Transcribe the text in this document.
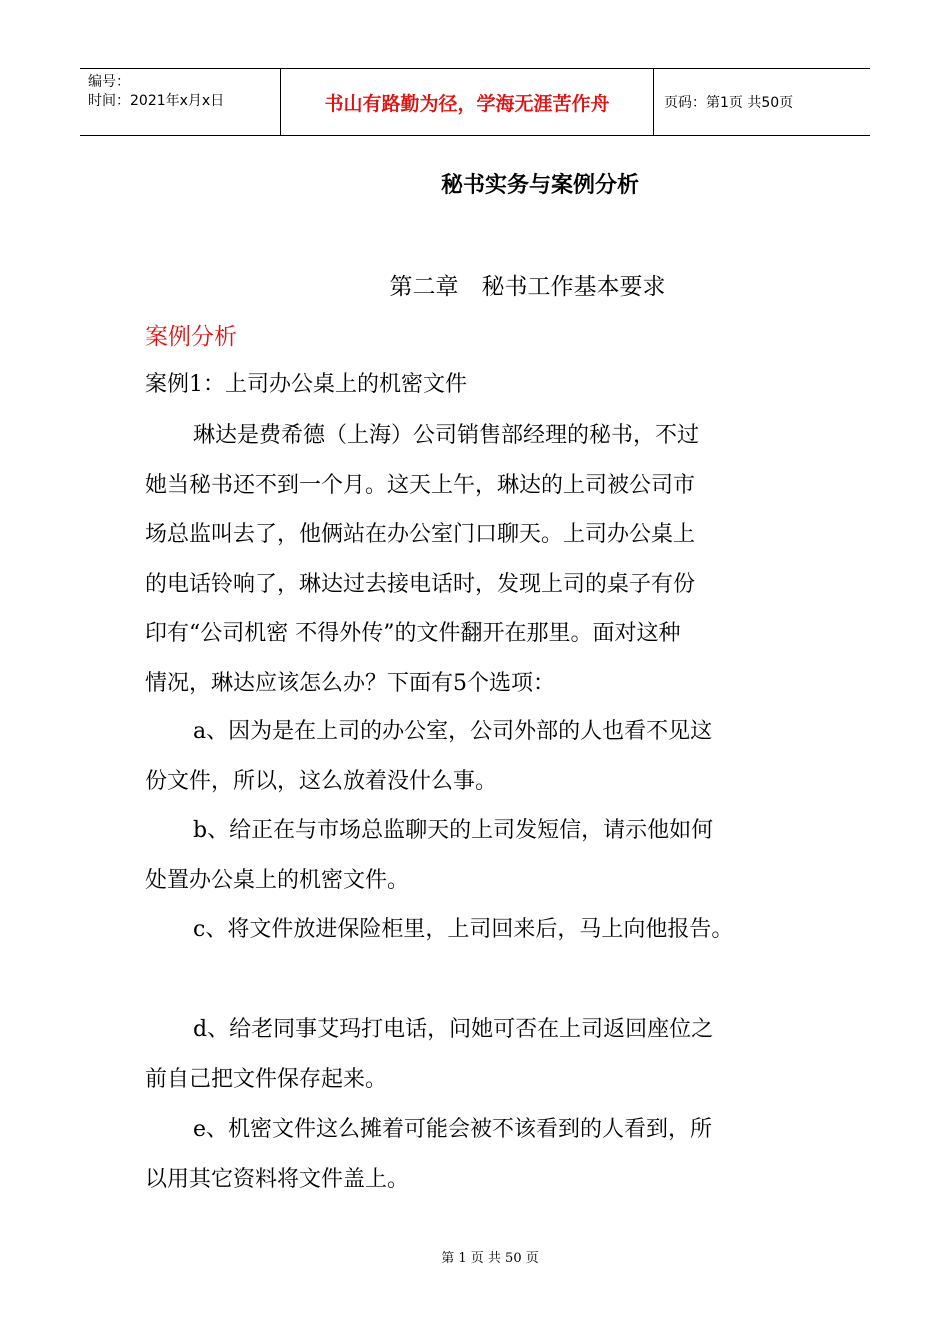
编号：
时间：2021年x月x日	书山有路勤为径，学海无涯苦作舟	页码：第1页 共50页
秘书实务与案例分析
第二章　秘书工作基本要求
案例分析
案例1：上司办公桌上的机密文件
琳达是费希德（上海）公司销售部经理的秘书，不过
她当秘书还不到一个月。这天上午，琳达的上司被公司市
场总监叫去了，他俩站在办公室门口聊天。上司办公桌上
的电话铃响了，琳达过去接电话时，发现上司的桌子有份
印有“公司机密 不得外传”的文件翻开在那里。面对这种
情况，琳达应该怎么办？下面有5个选项：
a、因为是在上司的办公室，公司外部的人也看不见这
份文件，所以，这么放着没什么事。
b、给正在与市场总监聊天的上司发短信，请示他如何
处置办公桌上的机密文件。
c、将文件放进保险柜里，上司回来后，马上向他报告。
d、给老同事艾玛打电话，问她可否在上司返回座位之
前自己把文件保存起来。
e、机密文件这么摊着可能会被不该看到的人看到，所
以用其它资料将文件盖上。
第 1 页 共 50 页
